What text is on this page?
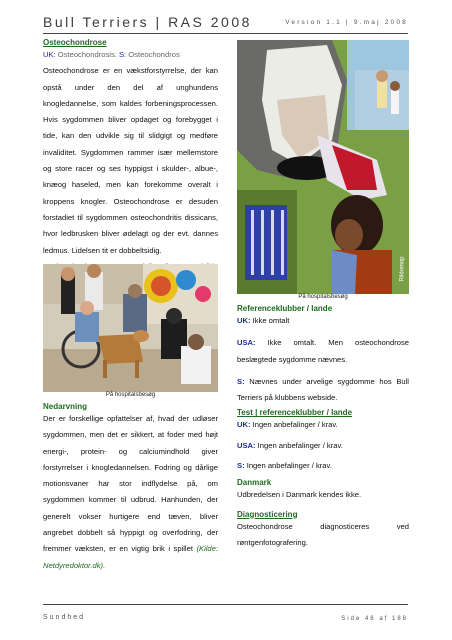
Bull Terriers | RAS 2008	Version 1.1 | 9.maj 2008
Osteochondrose
UK: Osteochondrosis. S: Osteochondros

Osteochondrose er en vækstforstyrrelse, der kan opstå under den del af unghundens knogledannelse, som kaldes forbeningsprocessen. Hvis sygdommen bliver opdaget og forebygget i tide, kan den udvikle sig til slidgigt og medføre invaliditet. Sygdommen rammer især mellemstore og store racer og ses hyppigst i skulder-, albue-, knæog haseled, men kan forekomme overalt i kroppens knogler. Osteochondrose er desuden forstadiet til sygdommen osteochondritis dissicans, hvor ledbrusken bliver ødelagt og der evt. dannes ledmus. Lidelsen tit er dobbeltsidig.

Rikkenop
På hospitalsbesøg
På hospitalsbesøg
Nedarvning

Der er forskellige opfattelser af, hvad der udløser sygdommen, men det er sikkert, at foder med højt energi-, protein- og calciumindhold giver forstyrrelser i knogledannelsen. Fodring og dårlige motionsvaner har stor indflydelse på, om sygdommen kommer til udbrud. Hanhunden, der generelt vokser hurtigere end tæven, bliver angrebet dobbelt så hyppigt og overfodring, der fremmer væksten, er en vigtig brik i spillet (Kilde: Netdyredoktor.dk).

Referenceklubber / lande
UK: Ikke omtalt
USA: Ikke omtalt. Men osteochondrose beslægtede sygdomme nævnes.
S: Nævnes under arvelige sygdomme hos Bull Terriers på klubbens webside.
Test | referenceklubber / lande
UK: Ingen anbefalinger / krav.
USA: Ingen anbefalinger / krav.
S: Ingen anbefalinger / krav.
Danmark
Udbredelsen i Danmark kendes ikke.
Diagnosticering

Osteochondrose diagnosticeres ved røntgenfotografering.

Sundhed	Side 48 af 188
